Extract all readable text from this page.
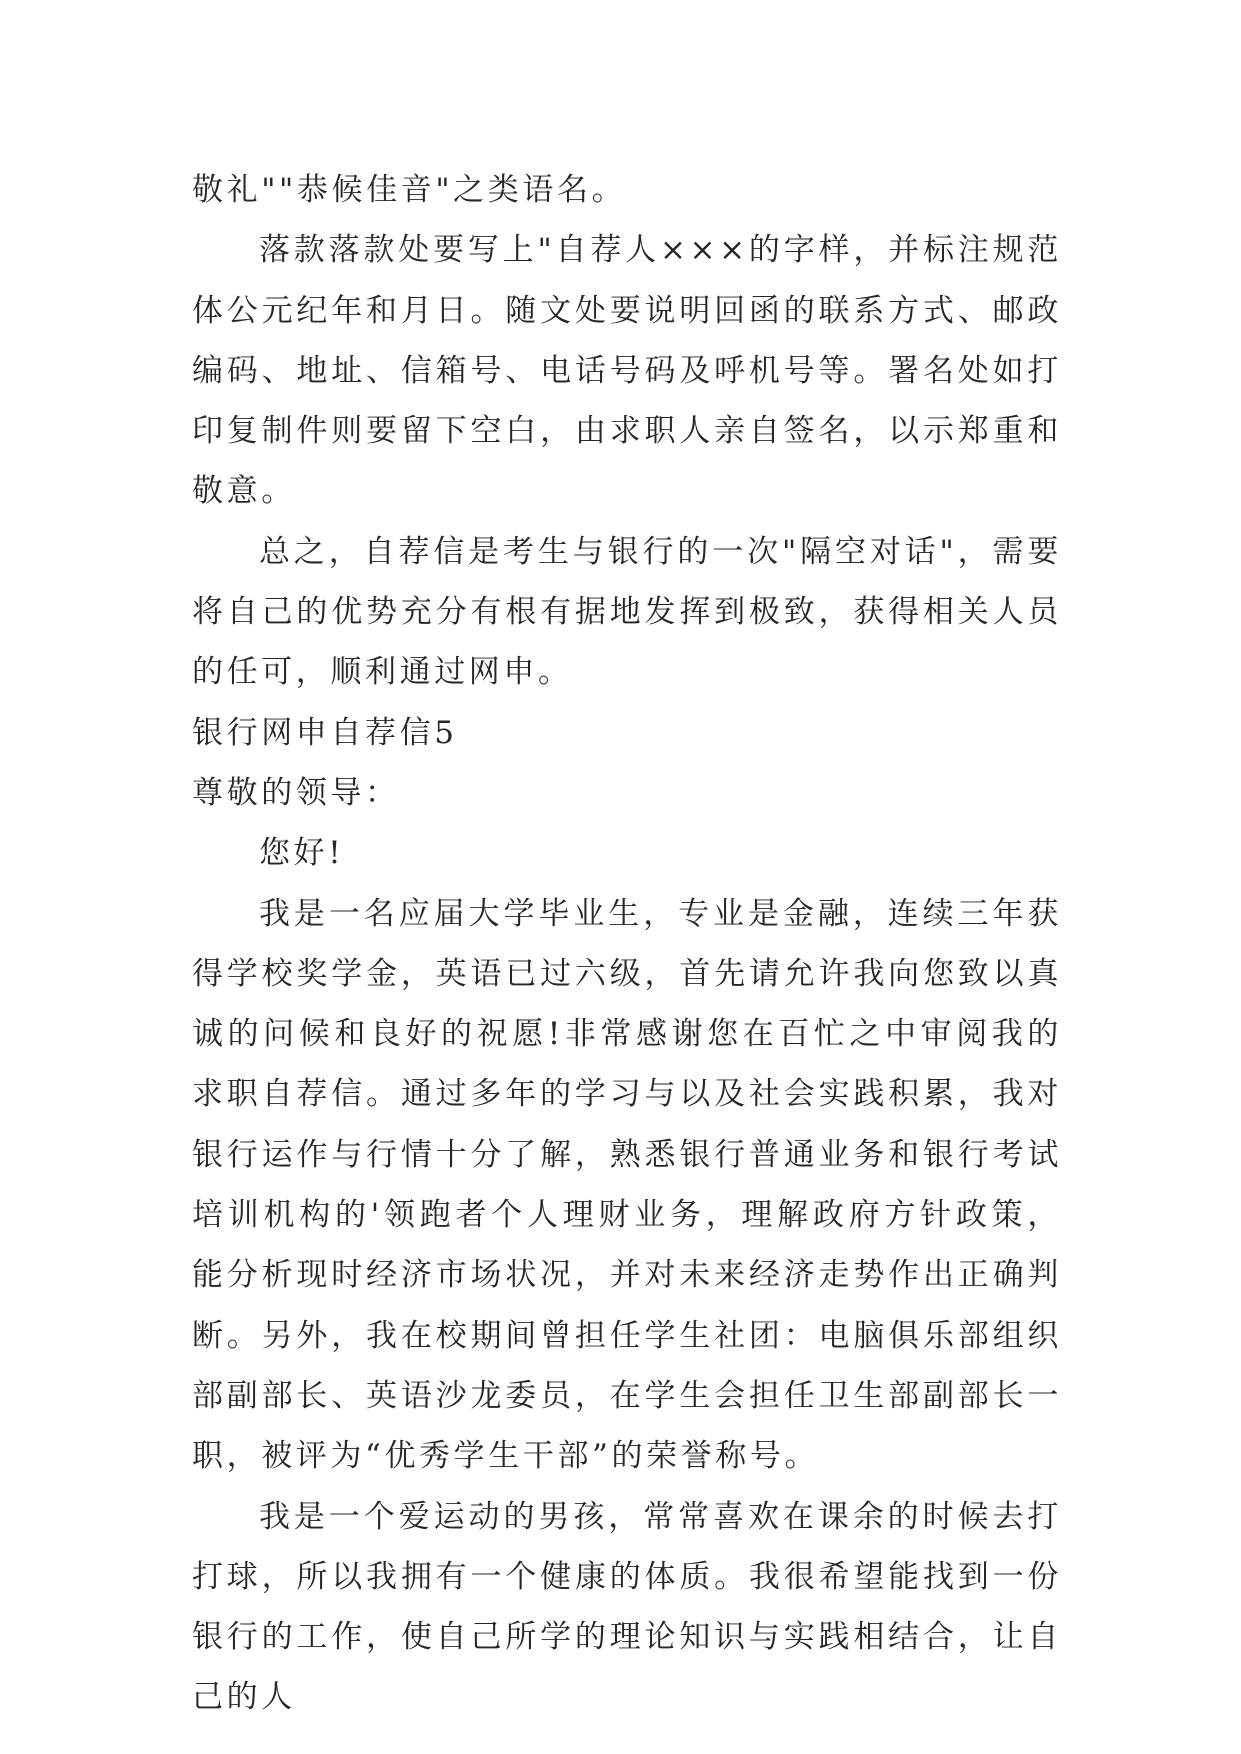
敬礼""恭候佳音"之类语名。

落款落款处要写上"自荐人×××的字样，并标注规范体公元纪年和月日。随文处要说明回函的联系方式、邮政编码、地址、信箱号、电话号码及呼机号等。署名处如打印复制件则要留下空白，由求职人亲自签名，以示郑重和敬意。

总之，自荐信是考生与银行的一次"隔空对话"，需要将自己的优势充分有根有据地发挥到极致，获得相关人员的任可，顺利通过网申。

银行网申自荐信5

尊敬的领导：

您好!

我是一名应届大学毕业生，专业是金融，连续三年获得学校奖学金，英语已过六级，首先请允许我向您致以真诚的问候和良好的祝愿!非常感谢您在百忙之中审阅我的求职自荐信。通过多年的学习与以及社会实践积累，我对银行运作与行情十分了解，熟悉银行普通业务和银行考试培训机构的'领跑者个人理财业务，理解政府方针政策，能分析现时经济市场状况，并对未来经济走势作出正确判断。另外，我在校期间曾担任学生社团：电脑俱乐部组织部副部长、英语沙龙委员，在学生会担任卫生部副部长一职，被评为“优秀学生干部”的荣誉称号。

我是一个爱运动的男孩，常常喜欢在课余的时候去打打球，所以我拥有一个健康的体质。我很希望能找到一份银行的工作，使自己所学的理论知识与实践相结合，让自己的人
